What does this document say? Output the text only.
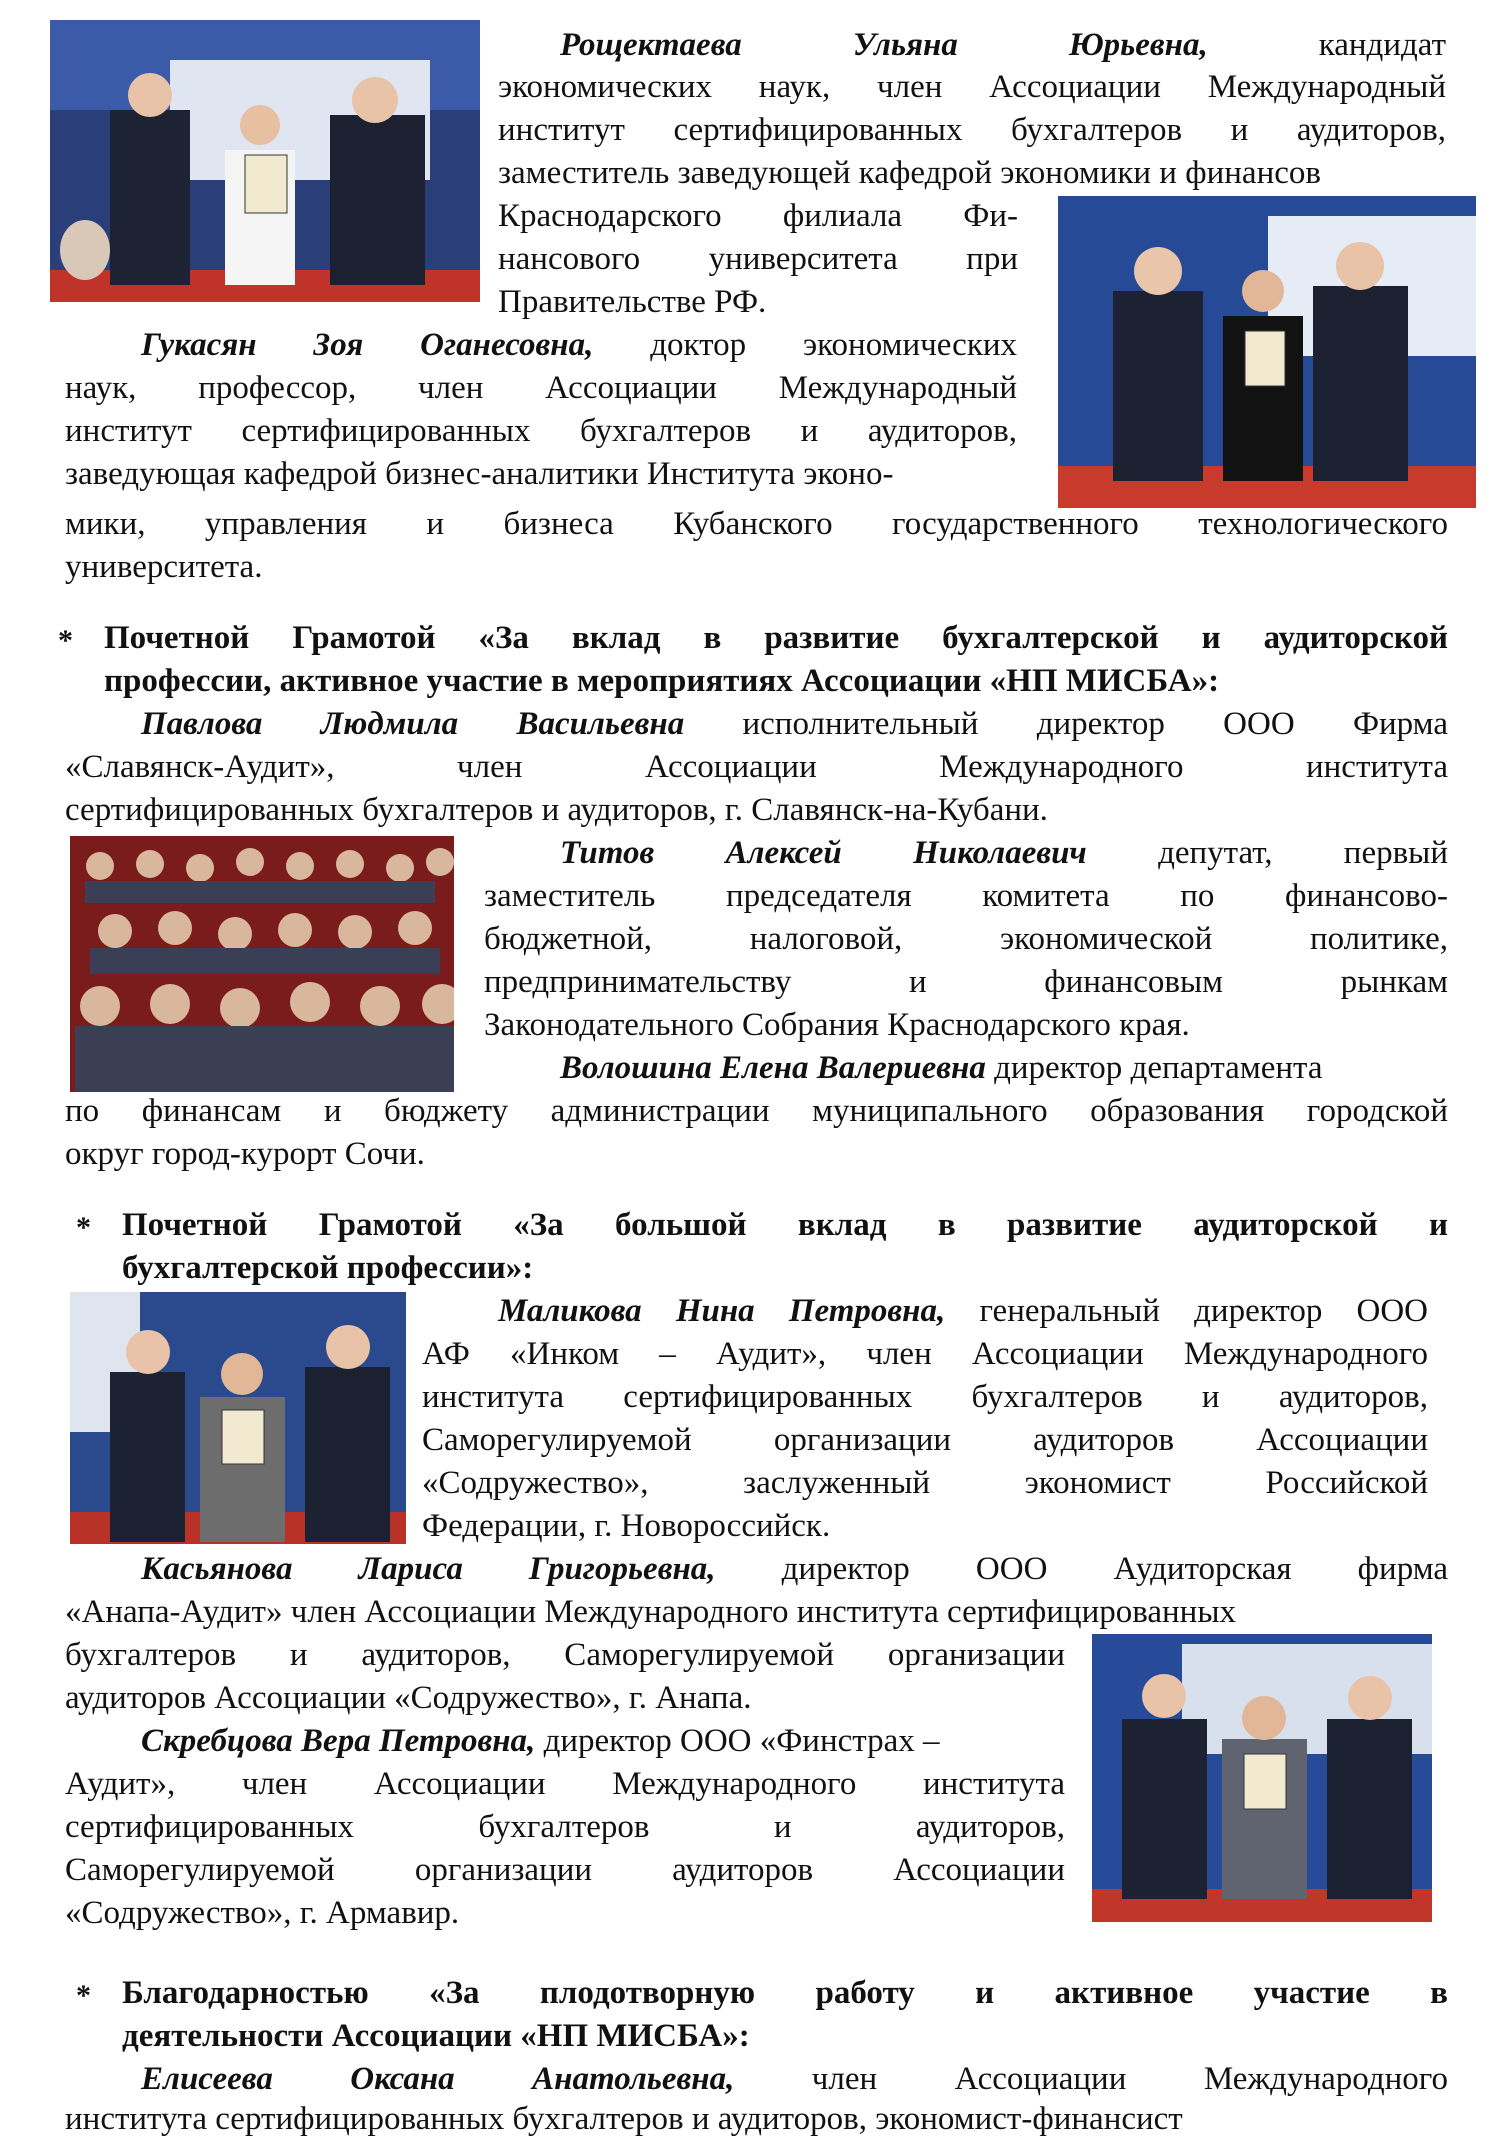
Рощектаева Ульяна Юрьевна, кандидат
экономических наук, член Ассоциации Международный
институт сертифицированных бухгалтеров и аудиторов,
заместитель заведующей кафедрой экономики и финансов
Краснодарского филиала Фи-
нансового университета при
Правительстве РФ.
Гукасян Зоя Оганесовна, доктор экономических
наук, профессор, член Ассоциации Международный
институт сертифицированных бухгалтеров и аудиторов,
заведующая кафедрой бизнес-аналитики Института эконо-
мики, управления и бизнеса Кубанского государственного технологического
университета.
* Почетной Грамотой «За вклад в развитие бухгалтерской и аудиторской
профессии, активное участие в мероприятиях Ассоциации «НП МИСБА»:
Павлова Людмила Васильевна исполнительный директор ООО Фирма
«Славянск-Аудит», член Ассоциации Международного института
сертифицированных бухгалтеров и аудиторов, г. Славянск-на-Кубани.
Титов Алексей Николаевич депутат, первый
заместитель председателя комитета по финансово-
бюджетной, налоговой, экономической политике,
предпринимательству и финансовым рынкам
Законодательного Собрания Краснодарского края.
Волошина Елена Валериевна директор департамента
по финансам и бюджету администрации муниципального образования городской
округ город-курорт Сочи.
* Почетной Грамотой «За большой вклад в развитие аудиторской и
бухгалтерской профессии»:
Маликова Нина Петровна, генеральный директор ООО
АФ «Инком – Аудит», член Ассоциации Международного
института сертифицированных бухгалтеров и аудиторов,
Саморегулируемой организации аудиторов Ассоциации
«Содружество», заслуженный экономист Российской
Федерации, г. Новороссийск.
Касьянова Лариса Григорьевна, директор ООО Аудиторская фирма
«Анапа-Аудит» член Ассоциации Международного института сертифицированных
бухгалтеров и аудиторов, Саморегулируемой организации
аудиторов Ассоциации «Содружество», г. Анапа.
Скребцова Вера Петровна, директор ООО «Финстрах –
Аудит», член Ассоциации Международного института
сертифицированных бухгалтеров и аудиторов,
Саморегулируемой организации аудиторов Ассоциации
«Содружество», г. Армавир.
* Благодарностью «За плодотворную работу и активное участие в
деятельности Ассоциации «НП МИСБА»:
Елисеева Оксана Анатольевна, член Ассоциации Международного
института сертифицированных бухгалтеров и аудиторов, экономист-финансист
